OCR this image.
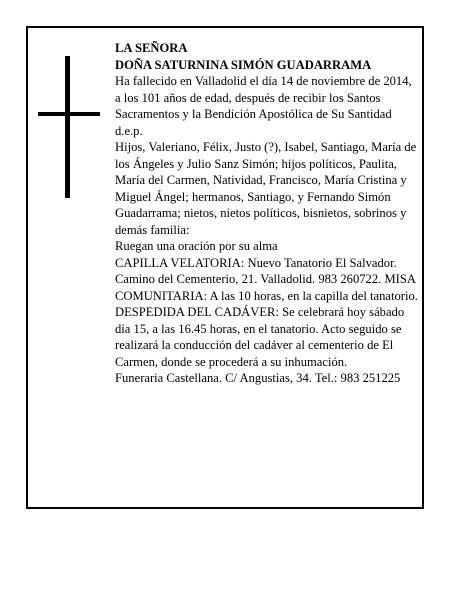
LA SEÑORA

DOÑA SATURNINA SIMÓN GUADARRAMA

Ha fallecido en Valladolid el día 14 de noviembre de 2014, a los 101 años de edad, después de recibir los Santos Sacramentos y la Bendición Apostólica de Su Santidad

d.e.p.

Hijos, Valeriano, Félix, Justo (?), Isabel, Santiago, María de los Ángeles y Julio Sanz Simón; hijos políticos, Paulita, María del Carmen, Natividad, Francisco, María Cristina y Miguel Ángel; hermanos, Santiago, y Fernando Simón Guadarrama; nietos, nietos políticos, bisnietos, sobrinos y demás familia:

Ruegan una oración por su alma

CAPILLA VELATORIA: Nuevo Tanatorio El Salvador. Camino del Cementerio, 21. Valladolid. 983 260722. MISA COMUNITARIA: A las 10 horas, en la capilla del tanatorio.

DESPEDIDA DEL CADÁVER: Se celebrará hoy sábado día 15, a las 16.45 horas, en el tanatorio. Acto seguido se realizará la conducción del cadáver al cementerio de El Carmen, donde se procederá a su inhumación.

Funeraria Castellana. C/ Angustias, 34. Tel.: 983 251225
